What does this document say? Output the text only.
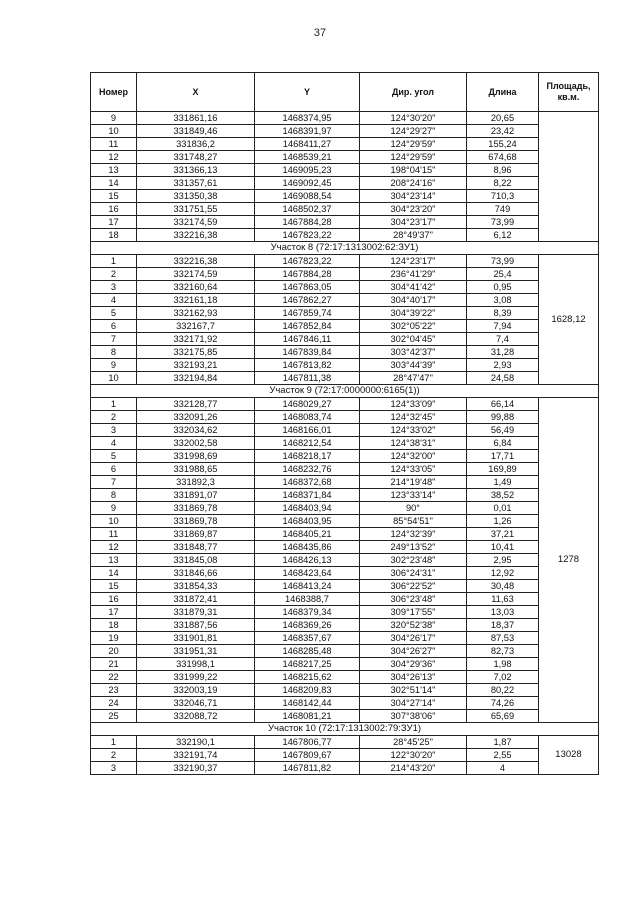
37
Номер	X	Y	Дир. угол	Длина	Площадь, кв.м.
9	331861,16	1468374,95	124°30'20"	20,65	
10	331849,46	1468391,97	124°29'27"	23,42	
11	331836,2	1468411,27	124°29'59"	155,24	
12	331748,27	1468539,21	124°29'59"	674,68	
13	331366,13	1469095,23	198°04'15"	8,96	
14	331357,61	1469092,45	208°24'16"	8,22	
15	331350,38	1469088,54	304°23'14"	710,3	
16	331751,55	1468502,37	304°23'20"	749	
17	332174,59	1467884,28	304°23'17"	73,99	
18	332216,38	1467823,22	28°49'37"	6,12	
Участок 8 (72:17:1313002:62:ЗУ1)					
1	332216,38	1467823,22	124°23'17"	73,99	1628,12
2	332174,59	1467884,28	236°41'29"	25,4	
3	332160,64	1467863,05	304°41'42"	0,95	
4	332161,18	1467862,27	304°40'17"	3,08	
5	332162,93	1467859,74	304°39'22"	8,39	
6	332167,7	1467852,84	302°05'22"	7,94	
7	332171,92	1467846,11	302°04'45"	7,4	
8	332175,85	1467839,84	303°42'37"	31,28	
9	332193,21	1467813,82	303°44'39"	2,93	
10	332194,84	1467811,38	28°47'47"	24,58	
Участок 9 (72:17:0000000:6165(1))					
1	332128,77	1468029,27	124°33'09"	66,14	1278
2	332091,26	1468083,74	124°32'45"	99,88	
3	332034,62	1468166,01	124°33'02"	56,49	
4	332002,58	1468212,54	124°38'31"	6,84	
5	331998,69	1468218,17	124°32'00"	17,71	
6	331988,65	1468232,76	124°33'05"	169,89	
7	331892,3	1468372,68	214°19'48"	1,49	
8	331891,07	1468371,84	123°33'14"	38,52	
9	331869,78	1468403,94	90°	0,01	
10	331869,78	1468403,95	85°54'51"	1,26	
11	331869,87	1468405,21	124°32'39"	37,21	
12	331848,77	1468435,86	249°13'52"	10,41	
13	331845,08	1468426,13	302°23'48"	2,95	
14	331846,66	1468423,64	306°24'31"	12,92	
15	331854,33	1468413,24	306°22'52"	30,48	
16	331872,41	1468388,7	306°23'48"	11,63	
17	331879,31	1468379,34	309°17'55"	13,03	
18	331887,56	1468369,26	320°52'38"	18,37	
19	331901,81	1468357,67	304°26'17"	87,53	
20	331951,31	1468285,48	304°26'27"	82,73	
21	331998,1	1468217,25	304°29'36"	1,98	
22	331999,22	1468215,62	304°26'13"	7,02	
23	332003,19	1468209,83	302°51'14"	80,22	
24	332046,71	1468142,44	304°27'14"	74,26	
25	332088,72	1468081,21	307°38'06"	65,69	
Участок 10 (72:17:1313002:79:ЗУ1)					
1	332190,1	1467806,77	28°45'25"	1,87	13028
2	332191,74	1467809,67	122°30'20"	2,55	
3	332190,37	1467811,82	214°43'20"	4	
